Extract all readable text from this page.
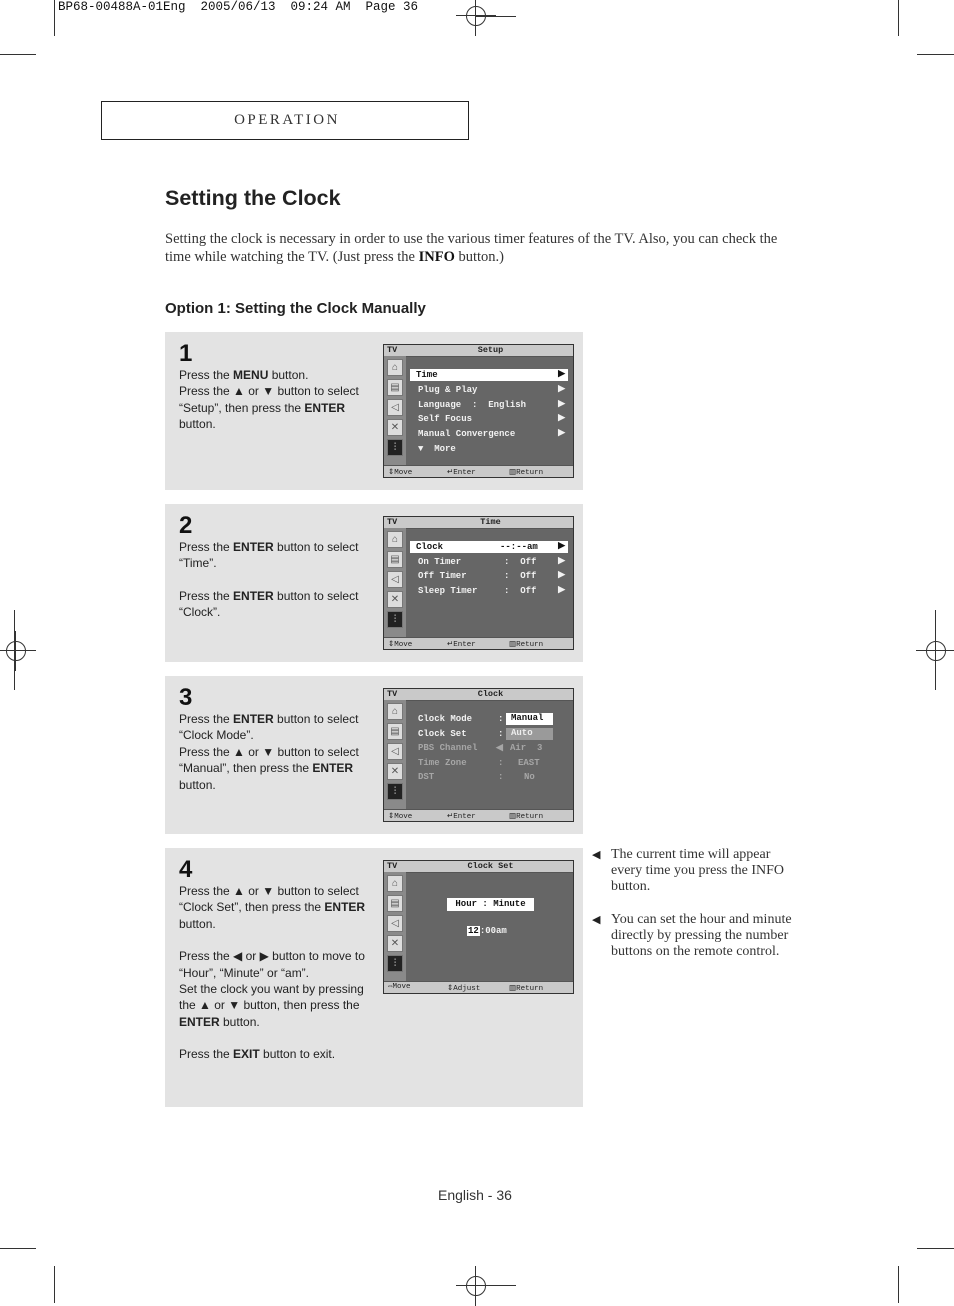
BP68-00488A-01Eng  2005/06/13  09:24 AM  Page 36
OPERATION
Setting the Clock
Setting the clock is necessary in order to use the various timer features of the TV. Also, you can check the time while watching the TV. (Just press the INFO button.)
Option 1: Setting the Clock Manually
1
Press the MENU button.
Press the ▲ or ▼ button to select “Setup”, then press the ENTER button.
TV	Setup
⌂
▤
◁
✕
⫶
Time	▶
Plug & Play	▶
Language  :  English	▶
Self Focus	▶
Manual Convergence	▶
▼  More
⇕Move	↵Enter	▥Return
2
Press the ENTER button to select “Time”.
Press the ENTER button to select “Clock”.
TV	Time
⌂
▤
◁
✕
⫶
Clock	--:--am ▶
On Timer	:  Off ▶
Off Timer	:  Off ▶
Sleep Timer	:  Off ▶
⇕Move	↵Enter	▥Return
3
Press the ENTER button to select “Clock Mode”.
Press the ▲ or ▼ button to select “Manual”, then press the ENTER button.
TV	Clock
⌂
▤
◁
✕
⫶
Clock Mode	: Manual
Clock Set	: Auto
PBS Channel ◀ Air  3
Time Zone	: EAST
DST	: No
⇕Move	↵Enter	▥Return
4
Press the ▲ or ▼ button to select “Clock Set”, then press the ENTER button.
Press the ◀ or ▶ button to move to “Hour”, “Minute” or “am”.
Set the clock you want by pressing the ▲ or ▼ button, then press the ENTER button.
Press the EXIT button to exit.
TV	Clock Set
⌂
▤
◁
✕
⫶
Hour : Minute
12:00am
⇔Move	⇕Adjust	▥Return
◀ The current time will appear every time you press the INFO button.
◀ You can set the hour and minute directly by pressing the number buttons on the remote control.
English - 36
